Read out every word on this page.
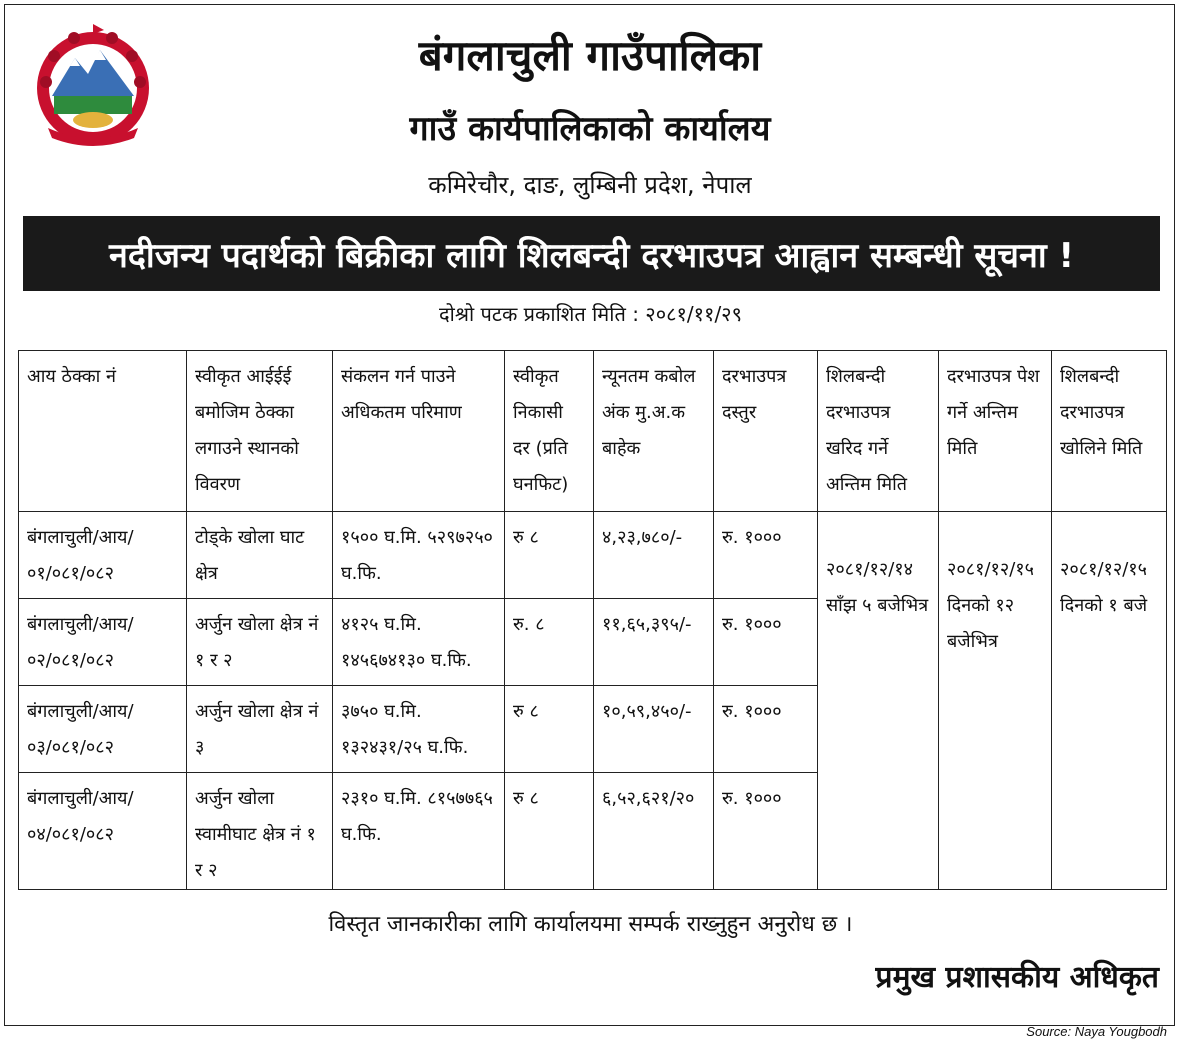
बंगलाचुली गाउँपालिका
गाउँ कार्यपालिकाको कार्यालय
कमिरेचौर, दाङ, लुम्बिनी प्रदेश, नेपाल
नदीजन्य पदार्थको बिक्रीका लागि शिलबन्दी दरभाउपत्र आह्वान सम्बन्धी सूचना !
दोश्रो पटक प्रकाशित मिति : २०८१/११/२९
आय ठेक्का नं	स्वीकृत आईईई बमोजिम ठेक्का लगाउने स्थानको विवरण	संकलन गर्न पाउने अधिकतम परिमाण	स्वीकृत निकासी दर (प्रति घनफिट)	न्यूनतम कबोल अंक मु.अ.क बाहेक	दरभाउपत्र दस्तुर	शिलबन्दी दरभाउपत्र खरिद गर्ने अन्तिम मिति	दरभाउपत्र पेश गर्ने अन्तिम मिति	शिलबन्दी दरभाउपत्र खोलिने मिति
बंगलाचुली/आय/०१/०८१/०८२	टोड्के खोला घाट क्षेत्र	१५०० घ.मि. ५२९७२५० घ.फि.	रु ८	४,२३,७८०/-	रु. १०००	२०८१/१२/१४ साँझ ५ बजेभित्र	२०८१/१२/१५ दिनको १२ बजेभित्र	२०८१/१२/१५ दिनको १ बजे
बंगलाचुली/आय/०२/०८१/०८२	अर्जुन खोला क्षेत्र नं १ र २	४१२५ घ.मि. १४५६७४१३० घ.फि.	रु. ८	११,६५,३९५/-	रु. १०००			
बंगलाचुली/आय/०३/०८१/०८२	अर्जुन खोला क्षेत्र नं ३	३७५० घ.मि. १३२४३१/२५ घ.फि.	रु ८	१०,५९,४५०/-	रु. १०००			
बंगलाचुली/आय/०४/०८१/०८२	अर्जुन खोला स्वामीघाट क्षेत्र नं १ र २	२३१० घ.मि. ८१५७७६५ घ.फि.	रु ८	६,५२,६२१/२०	रु. १०००			
विस्तृत जानकारीका लागि कार्यालयमा सम्पर्क राख्नुहुन अनुरोध छ ।
प्रमुख प्रशासकीय अधिकृत
Source: Naya Yougbodh
